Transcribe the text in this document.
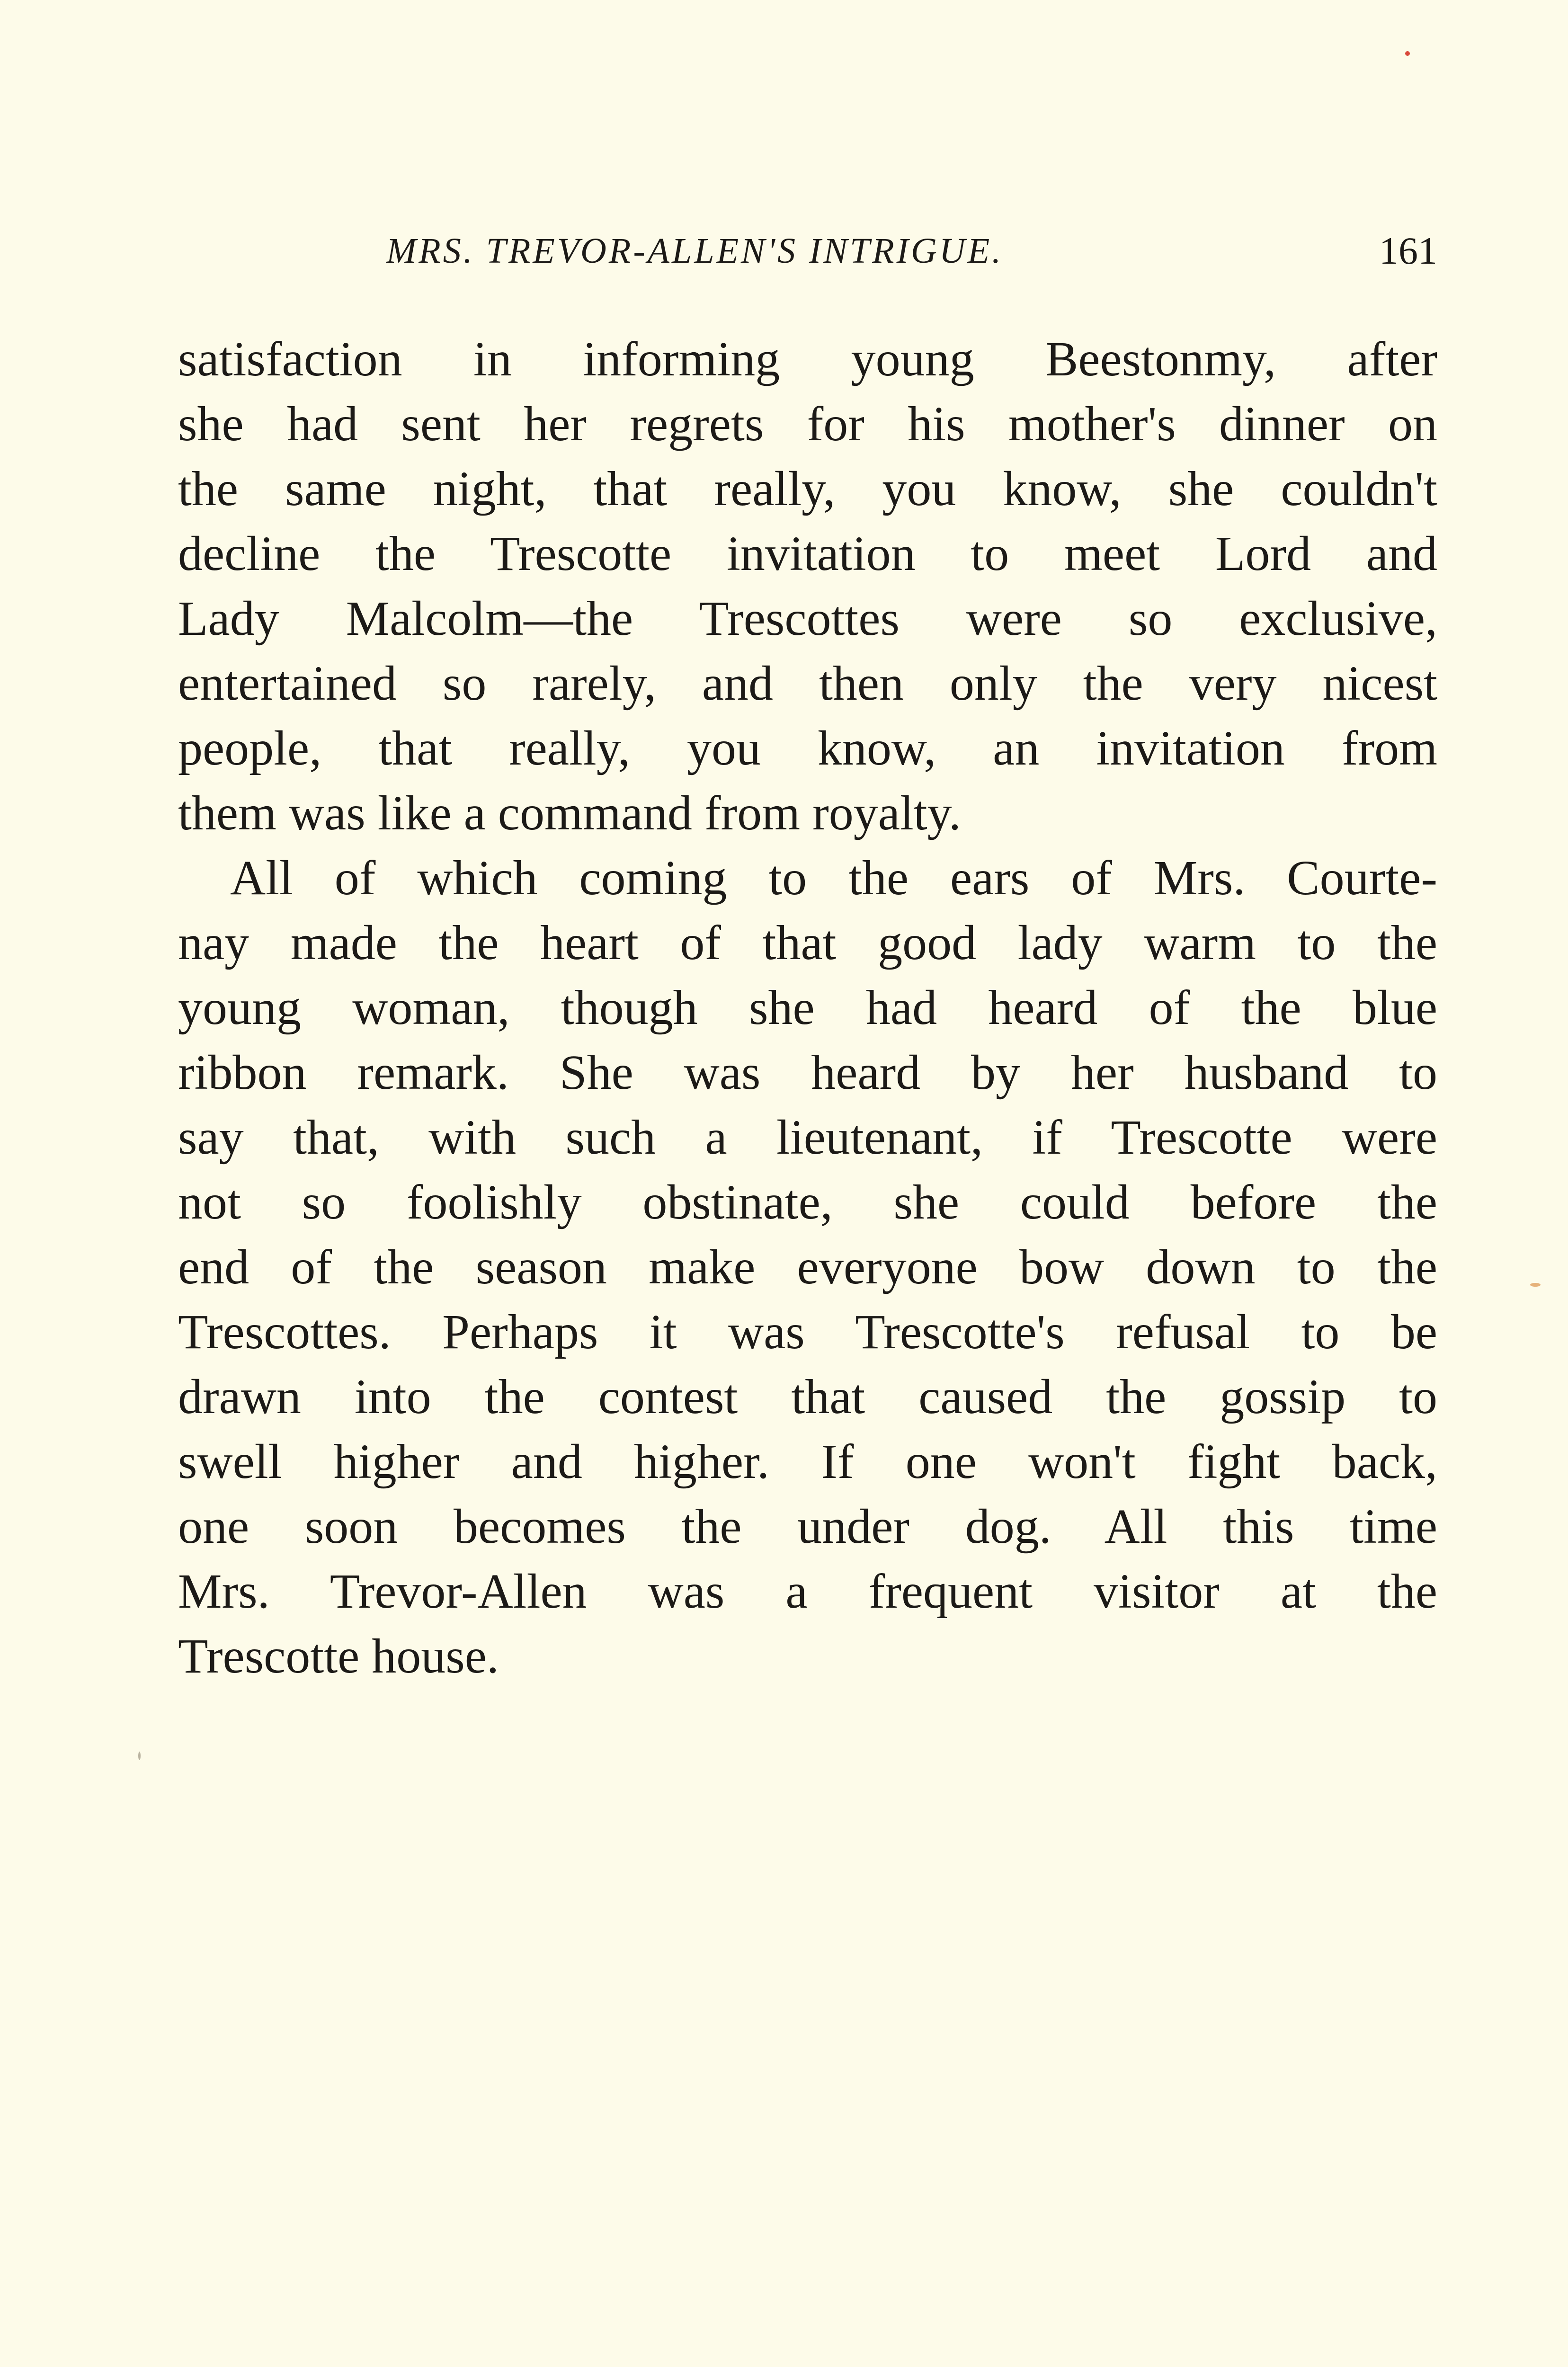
MRS. TREVOR-ALLEN'S INTRIGUE.	161
satisfaction in informing young Beestonmy, after
she had sent her regrets for his mother's dinner on
the same night, that really, you know, she couldn't
decline the Trescotte invitation to meet Lord and
Lady Malcolm—the Trescottes were so exclusive,
entertained so rarely, and then only the very nicest
people, that really, you know, an invitation from
them was like a command from royalty.
All of which coming to the ears of Mrs. Courte-
nay made the heart of that good lady warm to the
young woman, though she had heard of the blue
ribbon remark. She was heard by her husband to
say that, with such a lieutenant, if Trescotte were
not so foolishly obstinate, she could before the
end of the season make everyone bow down to the
Trescottes. Perhaps it was Trescotte's refusal to be
drawn into the contest that caused the gossip to
swell higher and higher. If one won't fight back,
one soon becomes the under dog. All this time
Mrs. Trevor-Allen was a frequent visitor at the
Trescotte house.
